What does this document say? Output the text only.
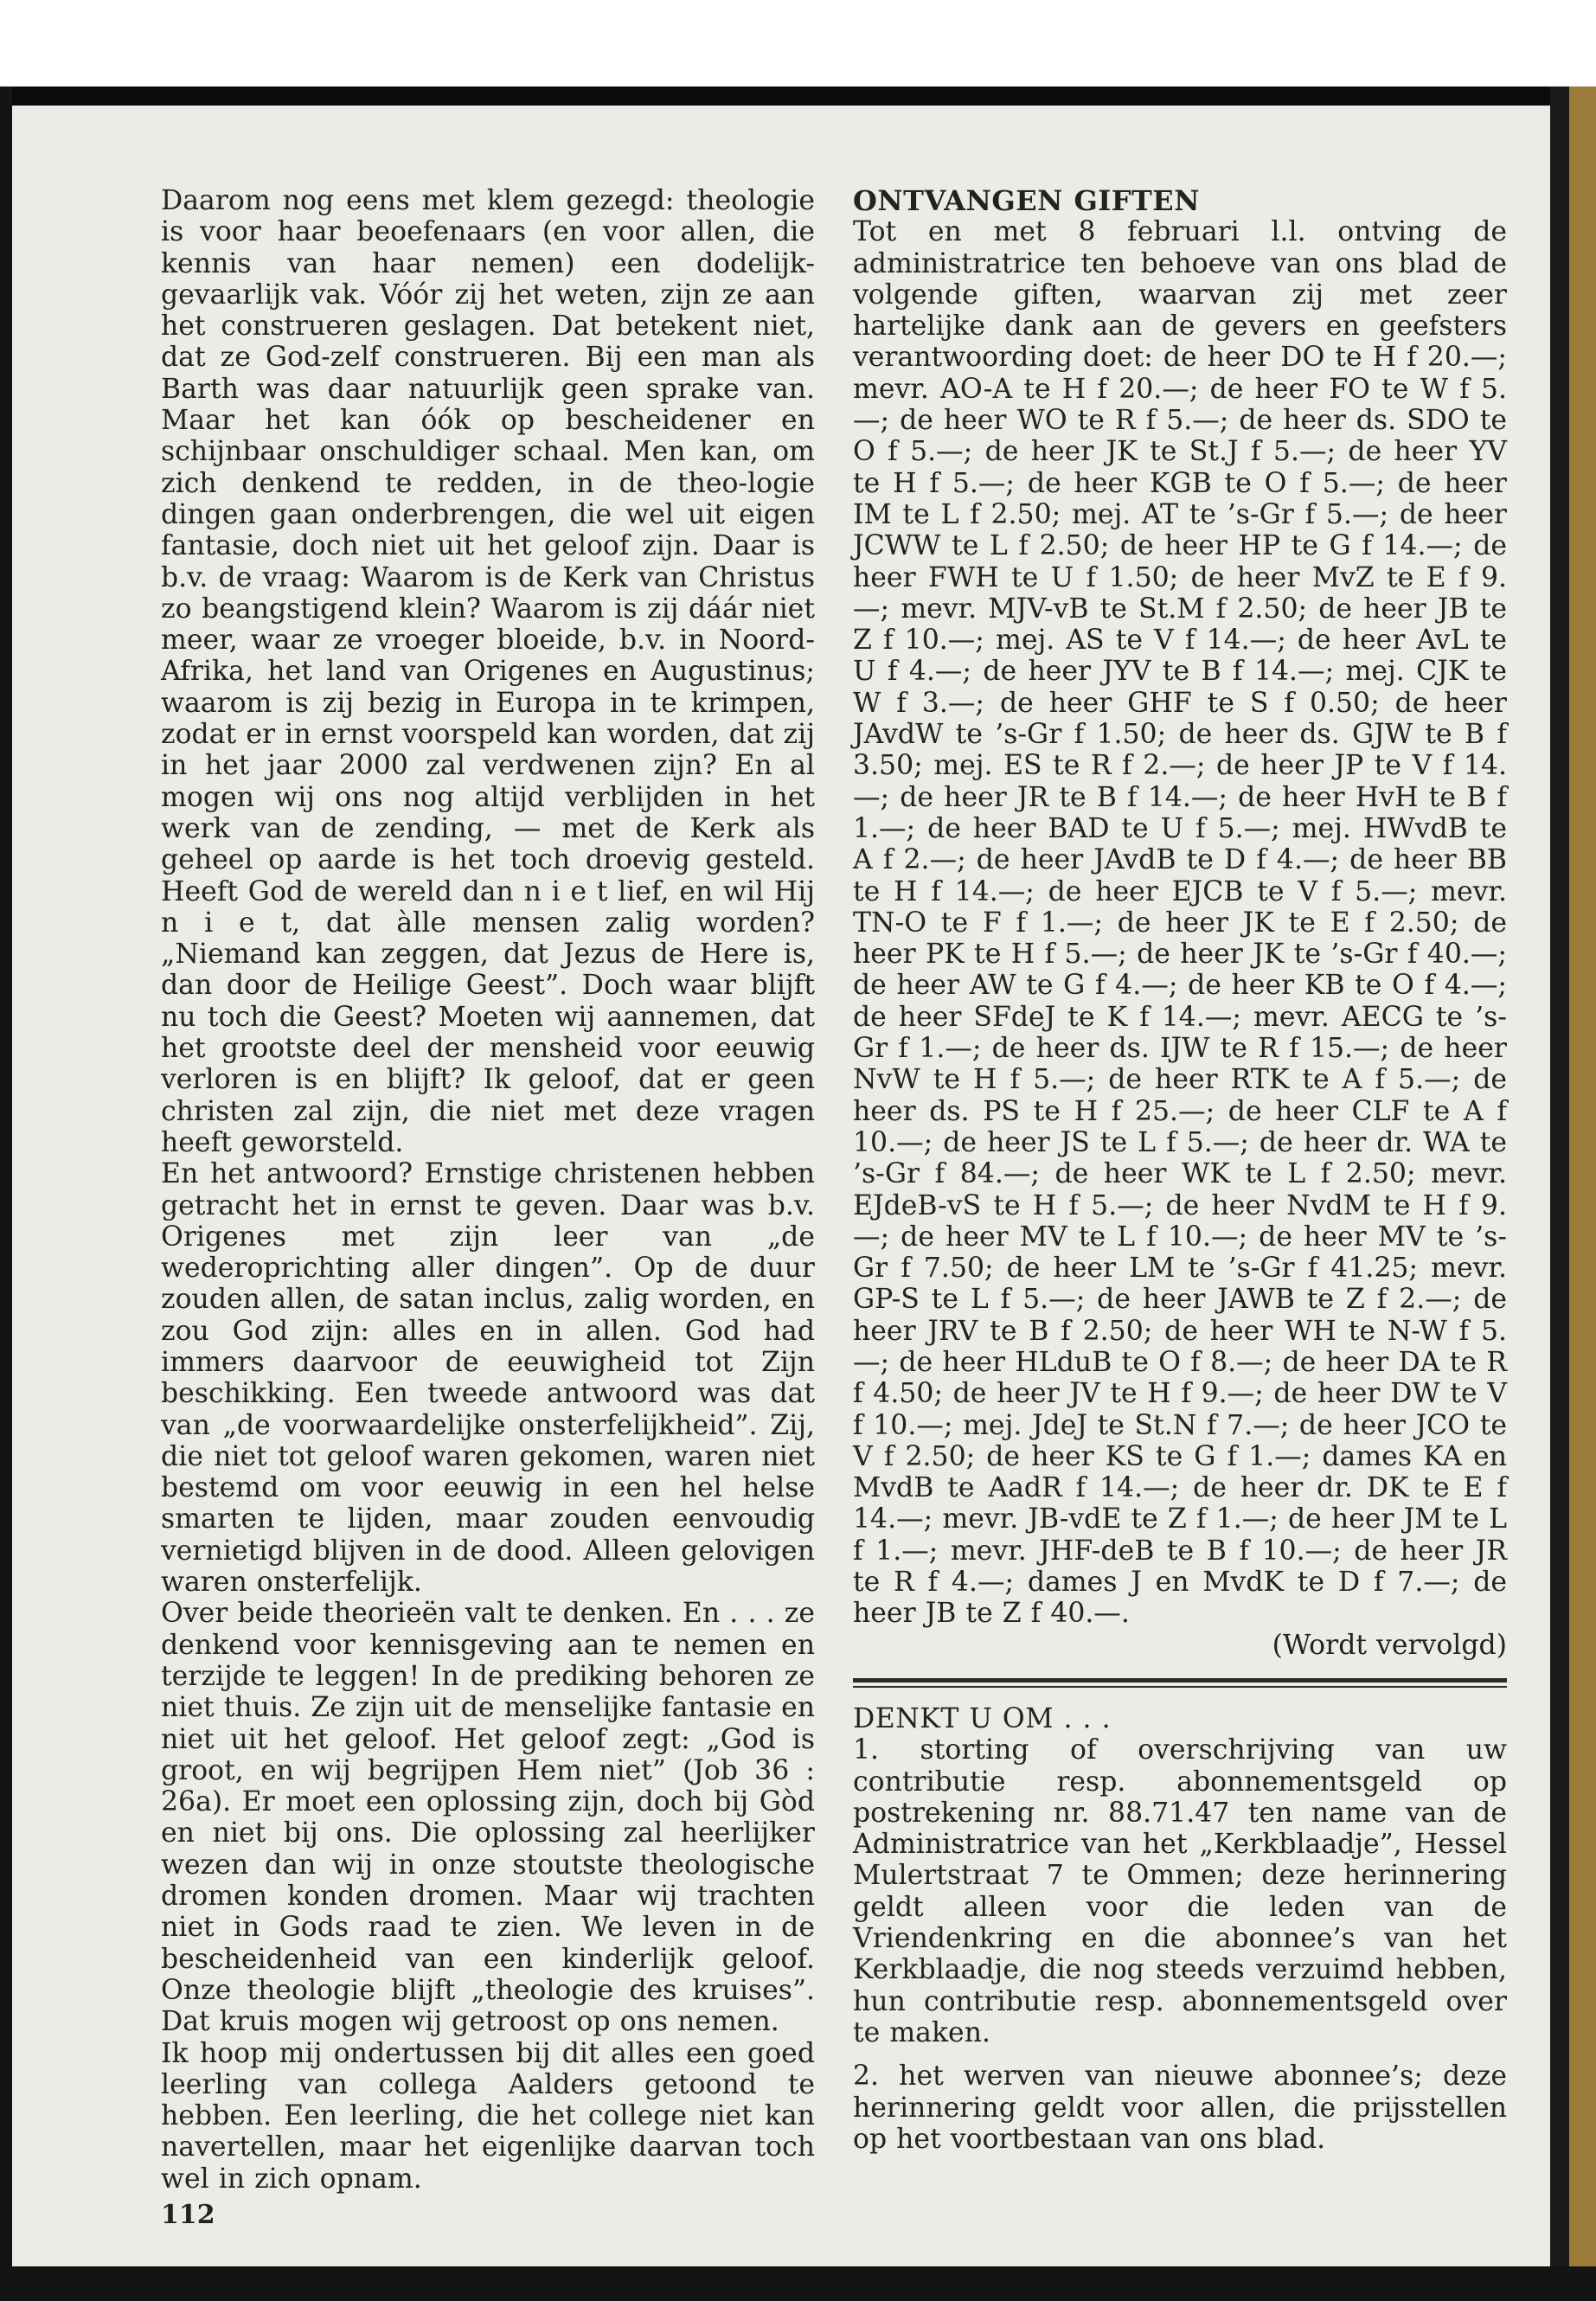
Daarom nog eens met klem gezegd: theologie is voor haar beoefenaars (en voor allen, die kennis van haar nemen) een dodelijk-gevaarlijk vak. Vóór zij het weten, zijn ze aan het construeren geslagen. Dat betekent niet, dat ze God-zelf construeren. Bij een man als Barth was daar natuurlijk geen sprake van. Maar het kan óók op bescheidener en schijnbaar onschuldiger schaal. Men kan, om zich denkend te redden, in de theo-logie dingen gaan onderbrengen, die wel uit eigen fantasie, doch niet uit het geloof zijn. Daar is b.v. de vraag: Waarom is de Kerk van Christus zo beangstigend klein? Waarom is zij dáár niet meer, waar ze vroeger bloeide, b.v. in Noord-Afrika, het land van Origenes en Augustinus; waarom is zij bezig in Europa in te krimpen, zodat er in ernst voorspeld kan worden, dat zij in het jaar 2000 zal verdwenen zijn? En al mogen wij ons nog altijd verblijden in het werk van de zending, — met de Kerk als geheel op aarde is het toch droevig gesteld. Heeft God de wereld dan n i e t lief, en wil Hij n i e t, dat àlle mensen zalig worden? „Niemand kan zeggen, dat Jezus de Here is, dan door de Heilige Geest”. Doch waar blijft nu toch die Geest? Moeten wij aannemen, dat het grootste deel der mensheid voor eeuwig verloren is en blijft? Ik geloof, dat er geen christen zal zijn, die niet met deze vragen heeft geworsteld.

En het antwoord? Ernstige christenen hebben getracht het in ernst te geven. Daar was b.v. Origenes met zijn leer van „de wederoprichting aller dingen”. Op de duur zouden allen, de satan inclus, zalig worden, en zou God zijn: alles en in allen. God had immers daarvoor de eeuwigheid tot Zijn beschikking. Een tweede antwoord was dat van „de voorwaardelijke onsterfelijkheid”. Zij, die niet tot geloof waren gekomen, waren niet bestemd om voor eeuwig in een hel helse smarten te lijden, maar zouden eenvoudig vernietigd blijven in de dood. Alleen gelovigen waren onsterfelijk.

Over beide theorieën valt te denken. En . . . ze denkend voor kennisgeving aan te nemen en terzijde te leggen! In de prediking behoren ze niet thuis. Ze zijn uit de menselijke fantasie en niet uit het geloof. Het geloof zegt: „God is groot, en wij begrijpen Hem niet” (Job 36 : 26a). Er moet een oplossing zijn, doch bij Gòd en niet bij ons. Die oplossing zal heerlijker wezen dan wij in onze stoutste theologische dromen konden dromen. Maar wij trachten niet in Gods raad te zien. We leven in de bescheidenheid van een kinderlijk geloof. Onze theologie blijft „theologie des kruises”. Dat kruis mogen wij getroost op ons nemen.

Ik hoop mij ondertussen bij dit alles een goed leerling van collega Aalders getoond te hebben. Een leerling, die het college niet kan navertellen, maar het eigenlijke daarvan toch wel in zich opnam.

112

ONTVANGEN GIFTEN

Tot en met 8 februari l.l. ontving de administratrice ten behoeve van ons blad de volgende giften, waarvan zij met zeer hartelijke dank aan de gevers en geefsters verantwoording doet: de heer DO te H f 20.—; mevr. AO-A te H f 20.—; de heer FO te W f 5.—; de heer WO te R f 5.—; de heer ds. SDO te O f 5.—; de heer JK te St.J f 5.—; de heer YV te H f 5.—; de heer KGB te O f 5.—; de heer IM te L f 2.50; mej. AT te ’s-Gr f 5.—; de heer JCWW te L f 2.50; de heer HP te G f 14.—; de heer FWH te U f 1.50; de heer MvZ te E f 9.—; mevr. MJV-vB te St.M f 2.50; de heer JB te Z f 10.—; mej. AS te V f 14.—; de heer AvL te U f 4.—; de heer JYV te B f 14.—; mej. CJK te W f 3.—; de heer GHF te S f 0.50; de heer JAvdW te ’s-Gr f 1.50; de heer ds. GJW te B f 3.50; mej. ES te R f 2.—; de heer JP te V f 14.—; de heer JR te B f 14.—; de heer HvH te B f 1.—; de heer BAD te U f 5.—; mej. HWvdB te A f 2.—; de heer JAvdB te D f 4.—; de heer BB te H f 14.—; de heer EJCB te V f 5.—; mevr. TN-O te F f 1.—; de heer JK te E f 2.50; de heer PK te H f 5.—; de heer JK te ’s-Gr f 40.—; de heer AW te G f 4.—; de heer KB te O f 4.—; de heer SFdeJ te K f 14.—; mevr. AECG te ’s-Gr f 1.—; de heer ds. IJW te R f 15.—; de heer NvW te H f 5.—; de heer RTK te A f 5.—; de heer ds. PS te H f 25.—; de heer CLF te A f 10.—; de heer JS te L f 5.—; de heer dr. WA te ’s-Gr f 84.—; de heer WK te L f 2.50; mevr. EJdeB-vS te H f 5.—; de heer NvdM te H f 9.—; de heer MV te L f 10.—; de heer MV te ’s-Gr f 7.50; de heer LM te ’s-Gr f 41.25; mevr. GP-S te L f 5.—; de heer JAWB te Z f 2.—; de heer JRV te B f 2.50; de heer WH te N-W f 5.—; de heer HLduB te O f 8.—; de heer DA te R f 4.50; de heer JV te H f 9.—; de heer DW te V f 10.—; mej. JdeJ te St.N f 7.—; de heer JCO te V f 2.50; de heer KS te G f 1.—; dames KA en MvdB te AadR f 14.—; de heer dr. DK te E f 14.—; mevr. JB-vdE te Z f 1.—; de heer JM te L f 1.—; mevr. JHF-deB te B f 10.—; de heer JR te R f 4.—; dames J en MvdK te D f 7.—; de heer JB te Z f 40.—.

(Wordt vervolgd)

DENKT U OM . . .

1. storting of overschrijving van uw contributie resp. abonnementsgeld op postrekening nr. 88.71.47 ten name van de Administratrice van het „Kerkblaadje”, Hessel Mulertstraat 7 te Ommen; deze herinnering geldt alleen voor die leden van de Vriendenkring en die abonnee’s van het Kerkblaadje, die nog steeds verzuimd hebben, hun contributie resp. abonnementsgeld over te maken.

2. het werven van nieuwe abonnee’s; deze herinnering geldt voor allen, die prijsstellen op het voortbestaan van ons blad.
